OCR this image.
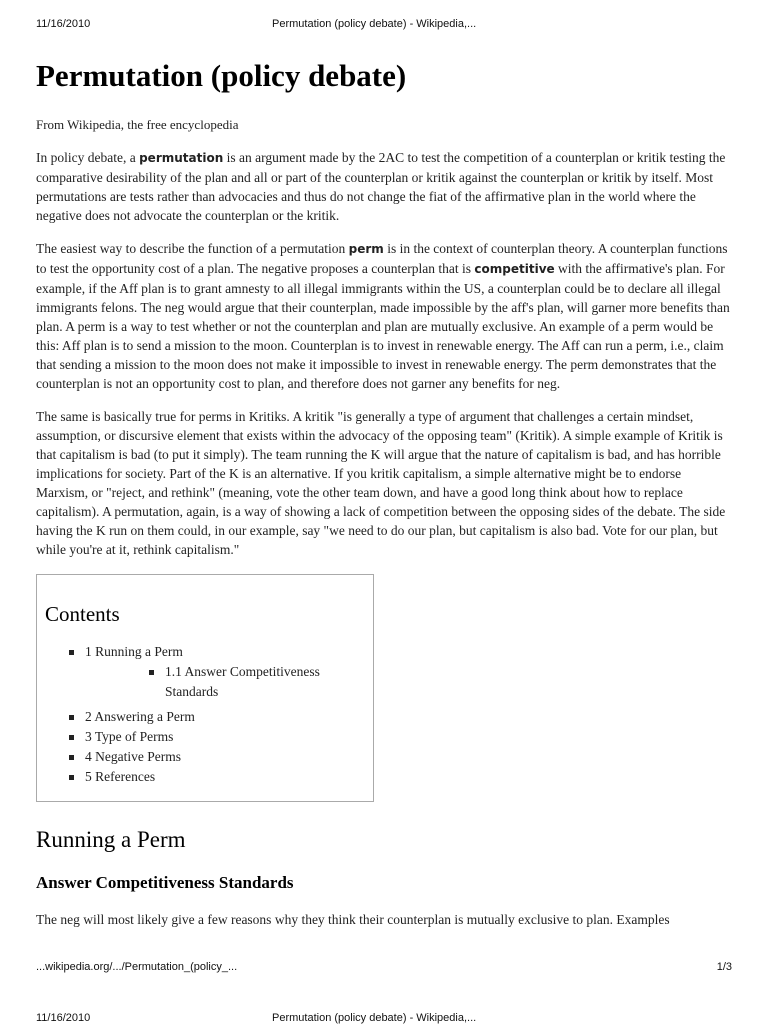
11/16/2010	Permutation (policy debate) - Wikipedia,...
Permutation (policy debate)
From Wikipedia, the free encyclopedia

In policy debate, a permutation is an argument made by the 2AC to test the competition of a counterplan or kritik testing the comparative desirability of the plan and all or part of the counterplan or kritik against the counterplan or kritik by itself. Most permutations are tests rather than advocacies and thus do not change the fiat of the affirmative plan in the world where the negative does not advocate the counterplan or the kritik.

The easiest way to describe the function of a permutation perm is in the context of counterplan theory. A counterplan functions to test the opportunity cost of a plan. The negative proposes a counterplan that is competitive with the affirmative's plan. For example, if the Aff plan is to grant amnesty to all illegal immigrants within the US, a counterplan could be to declare all illegal immigrants felons. The neg would argue that their counterplan, made impossible by the aff's plan, will garner more benefits than plan. A perm is a way to test whether or not the counterplan and plan are mutually exclusive. An example of a perm would be this: Aff plan is to send a mission to the moon. Counterplan is to invest in renewable energy. The Aff can run a perm, i.e., claim that sending a mission to the moon does not make it impossible to invest in renewable energy. The perm demonstrates that the counterplan is not an opportunity cost to plan, and therefore does not garner any benefits for neg.

The same is basically true for perms in Kritiks. A kritik "is generally a type of argument that challenges a certain mindset, assumption, or discursive element that exists within the advocacy of the opposing team" (Kritik). A simple example of Kritik is that capitalism is bad (to put it simply). The team running the K will argue that the nature of capitalism is bad, and has horrible implications for society. Part of the K is an alternative. If you kritik capitalism, a simple alternative might be to endorse Marxism, or "reject, and rethink" (meaning, vote the other team down, and have a good long think about how to replace capitalism). A permutation, again, is a way of showing a lack of competition between the opposing sides of the debate. The side having the K run on them could, in our example, say "we need to do our plan, but capitalism is also bad. Vote for our plan, but while you're at it, rethink capitalism."

Contents
1 Running a Perm
1.1 Answer Competitiveness Standards
2 Answering a Perm
3 Type of Perms
4 Negative Perms
5 References
Running a Perm
Answer Competitiveness Standards

The neg will most likely give a few reasons why they think their counterplan is mutually exclusive to plan. Examples

...wikipedia.org/.../Permutation_(policy_...	1/3
11/16/2010	Permutation (policy debate) - Wikipedia,...
